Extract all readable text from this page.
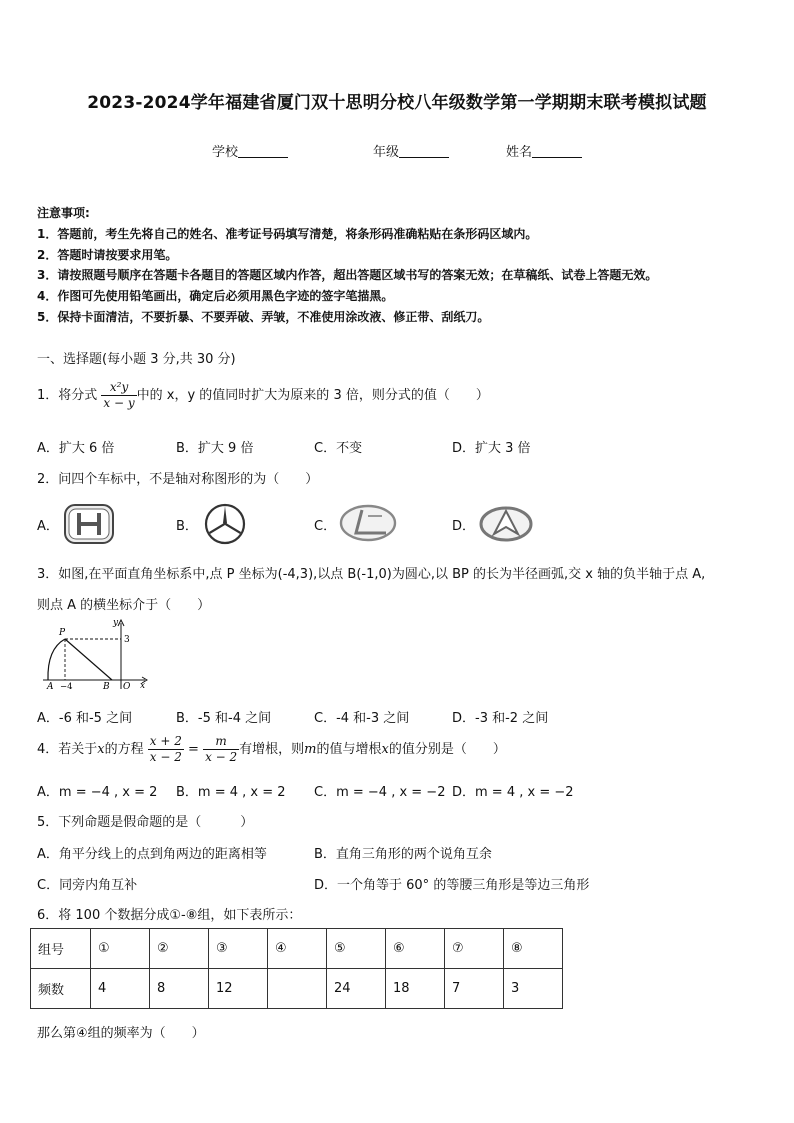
2023-2024学年福建省厦门双十思明分校八年级数学第一学期期末联考模拟试题
学校	年级	姓名
注意事项:
1．答题前，考生先将自己的姓名、准考证号码填写清楚，将条形码准确粘贴在条形码区域内。
2．答题时请按要求用笔。
3．请按照题号顺序在答题卡各题目的答题区域内作答，超出答题区域书写的答案无效；在草稿纸、试卷上答题无效。
4．作图可先使用铅笔画出，确定后必须用黑色字迹的签字笔描黑。
5．保持卡面清洁，不要折暴、不要弄破、弄皱，不准使用涂改液、修正带、刮纸刀。
一、选择题(每小题 3 分,共 30 分)
1．将分式 $\frac{\text{x²y}}{x - y}$ 中的 x，y 的值同时扩大为原来的 3 倍，则分式的值（　　）
A．扩大 6 倍	B．扩大 9 倍	C．不变	D．扩大 3 倍
2．问四个车标中，不是轴对称图形的为（　　）
A．	B．	C．	D．
3．如图,在平面直角坐标系中,点 P 坐标为(-4,3),以点 B(-1,0)为圆心,以 BP 的长为半径画弧,交 x 轴的负半轴于点 A,
则点 A 的横坐标介于（　　）
P
y
3
A −4	B O x
A．-6 和-5 之间	B．-5 和-4 之间	C．-4 和-3 之间	D．-3 和-2 之间
4．若关于x的方程 $\frac{x + 2}{x - 2} = \frac{m}{x - 2}$ 有增根，则m的值与增根x的值分别是（　　）
A．m = −4 , x = 2 B．m = 4 , x = 2 C．m = −4 , x = −2 D．m = 4 , x = −2
5．下列命题是假命题的是（　　　）
A．角平分线上的点到角两边的距离相等	B．直角三角形的两个说角互余
C．同旁内角互补	D．一个角等于 60° 的等腰三角形是等边三角形
6．将 100 个数据分成①-⑧组，如下表所示：
组号	①	②	③	④	⑤	⑥	⑦	⑧
频数	4	8	12		24	18	7	3
那么第④组的频率为（　　）
